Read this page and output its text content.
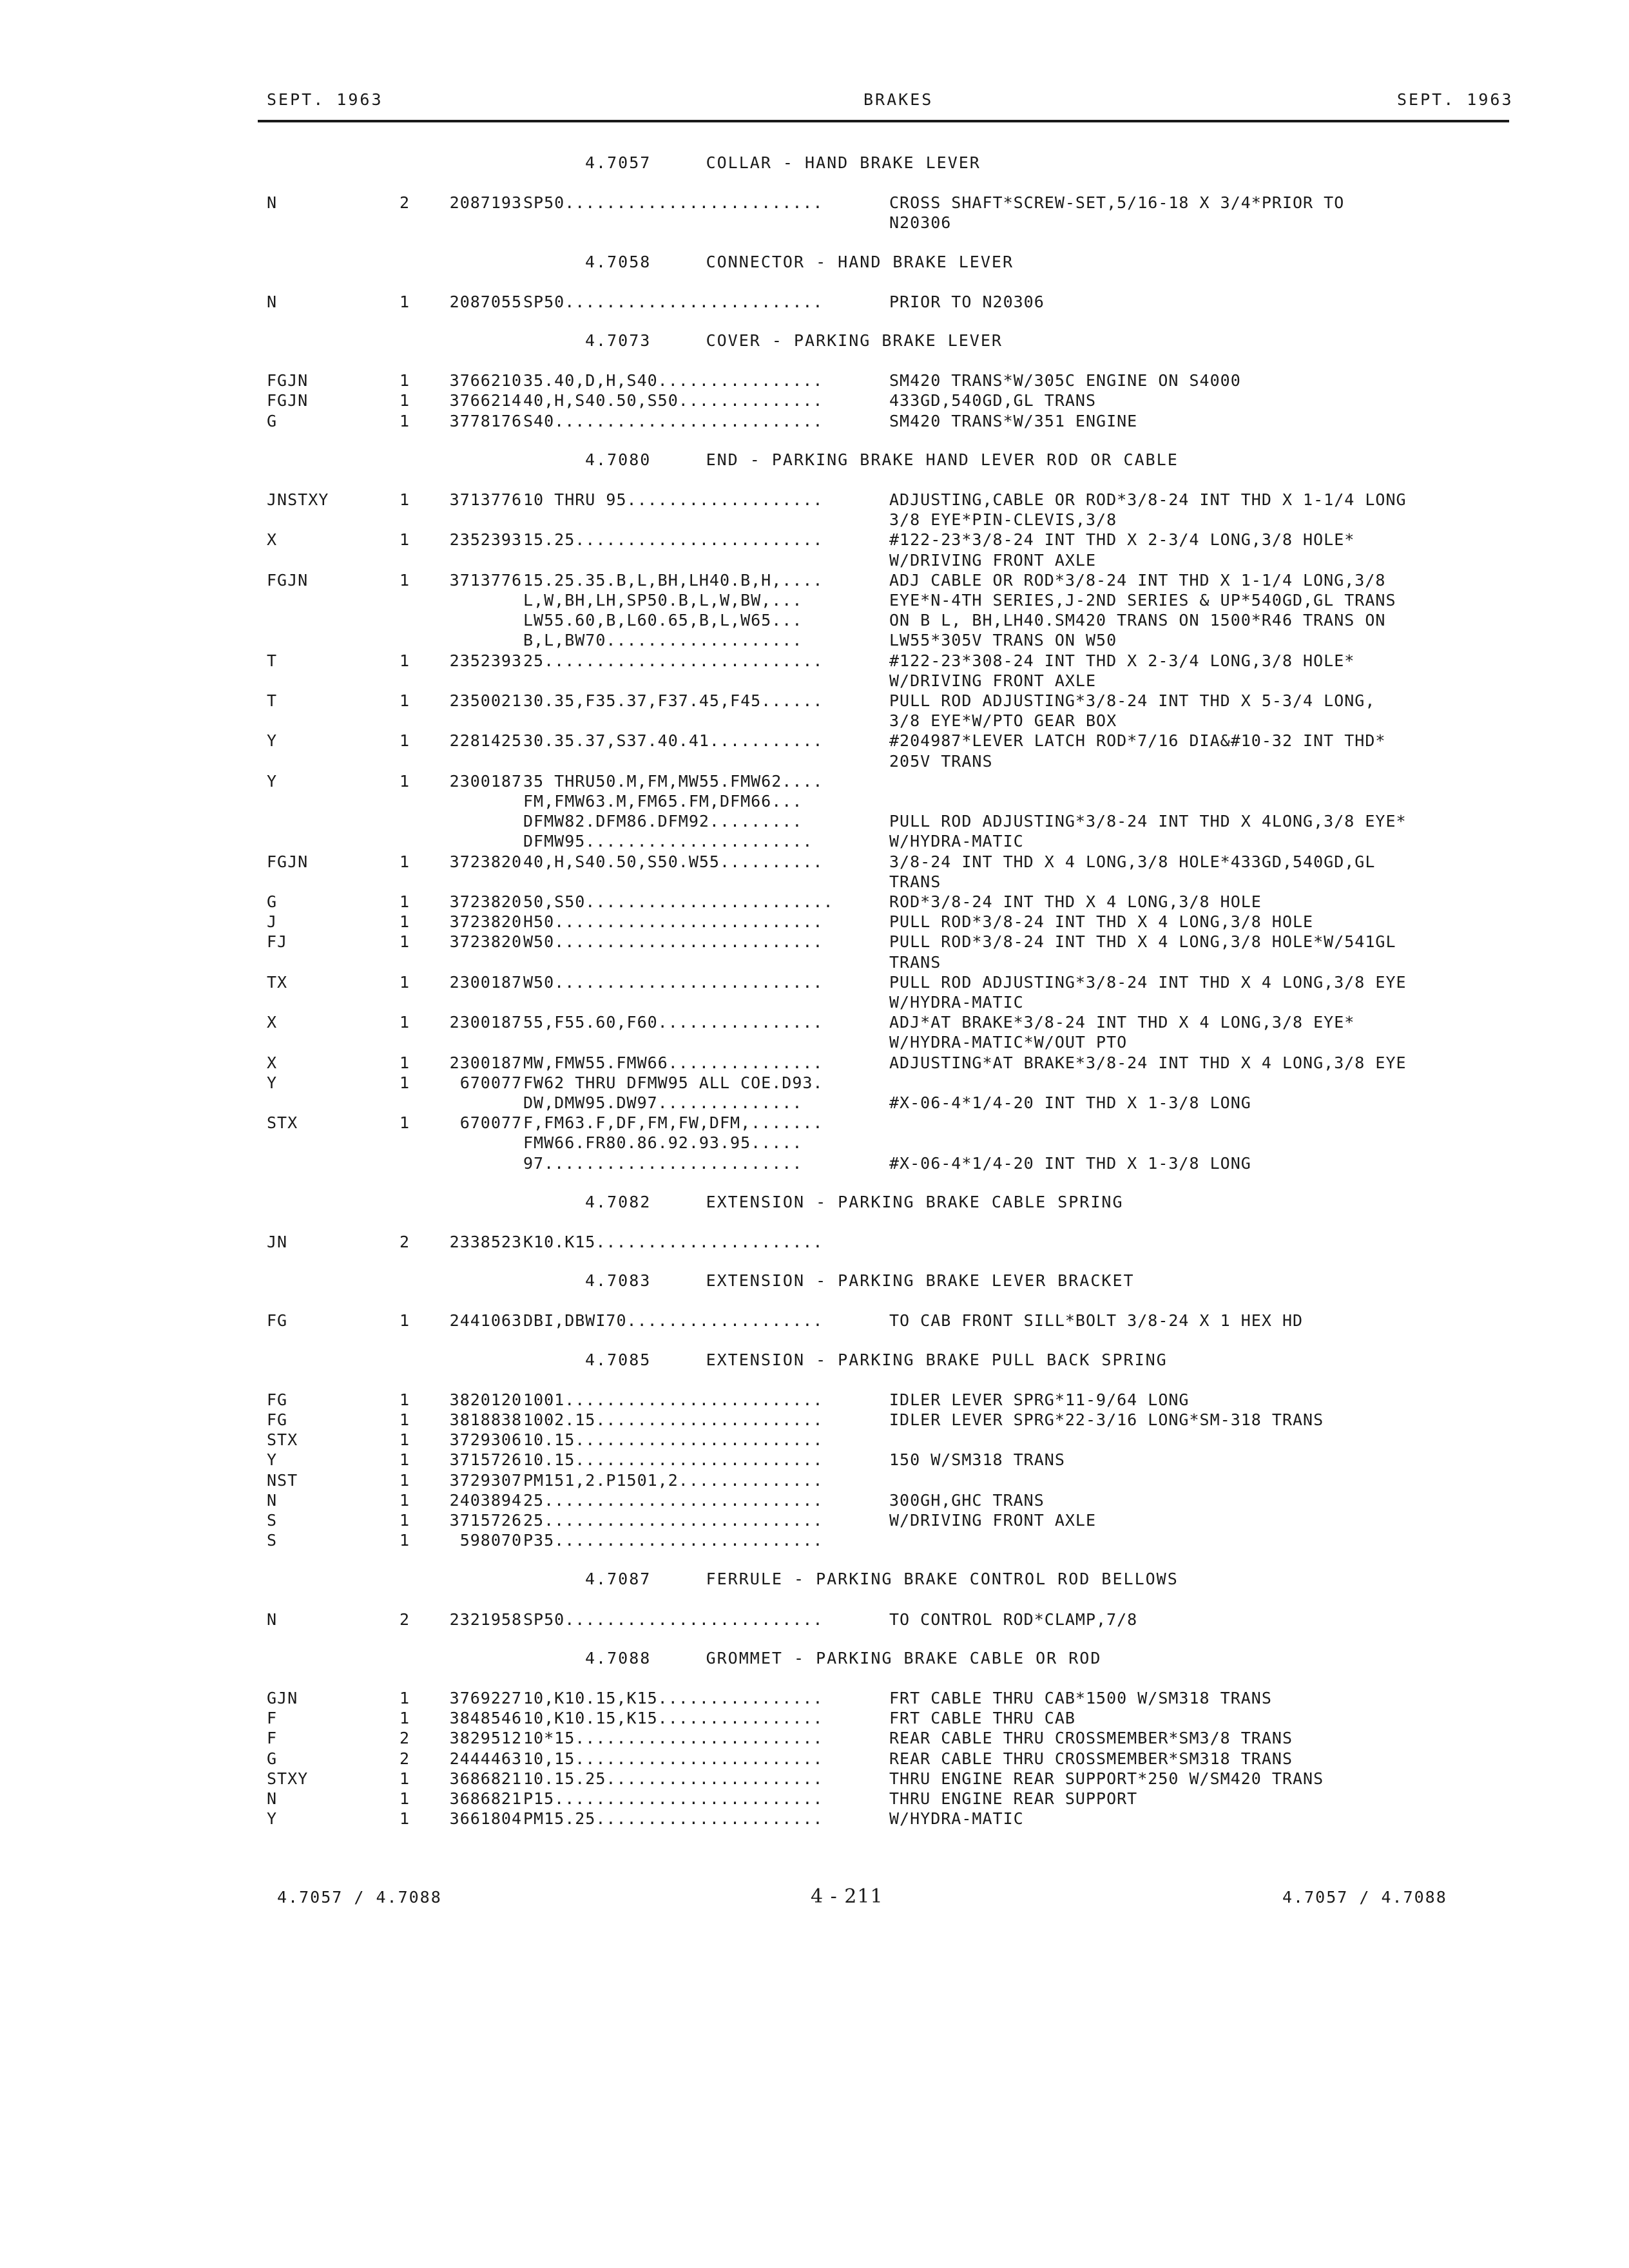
SEPT. 1963	BRAKES	SEPT. 1963
4.7057     COLLAR - HAND BRAKE LEVER
N	2	2087193 SP50.........................	CROSS SHAFT*SCREW-SET,5/16-18 X 3/4*PRIOR TO
N20306
4.7058     CONNECTOR - HAND BRAKE LEVER
N	1	2087055 SP50.........................	PRIOR TO N20306
4.7073     COVER - PARKING BRAKE LEVER
FGJN	1	3766210 35.40,D,H,S40................	SM420 TRANS*W/305C ENGINE ON S4000
FGJN	1	3766214 40,H,S40.50,S50..............	433GD,540GD,GL TRANS
G	1	3778176 S40..........................	SM420 TRANS*W/351 ENGINE
4.7080     END - PARKING BRAKE HAND LEVER ROD OR CABLE
JNSTXY	1	3713776 10 THRU 95...................	ADJUSTING,CABLE OR ROD*3/8-24 INT THD X 1-1/4 LONG
3/8 EYE*PIN-CLEVIS,3/8
X	1	2352393 15.25........................	#122-23*3/8-24 INT THD X 2-3/4 LONG,3/8 HOLE*
W/DRIVING FRONT AXLE
FGJN	1	3713776 15.25.35.B,L,BH,LH40.B,H,....	ADJ CABLE OR ROD*3/8-24 INT THD X 1-1/4 LONG,3/8
L,W,BH,LH,SP50.B,L,W,BW,...	EYE*N-4TH SERIES,J-2ND SERIES & UP*540GD,GL TRANS
LW55.60,B,L60.65,B,L,W65...	ON B L, BH,LH40.SM420 TRANS ON 1500*R46 TRANS ON
B,L,BW70...................	LW55*305V TRANS ON W50
T	1	2352393 25...........................	#122-23*308-24 INT THD X 2-3/4 LONG,3/8 HOLE*
W/DRIVING FRONT AXLE
T	1	2350021 30.35,F35.37,F37.45,F45......	PULL ROD ADJUSTING*3/8-24 INT THD X 5-3/4 LONG,
3/8 EYE*W/PTO GEAR BOX
Y	1	2281425 30.35.37,S37.40.41...........	#204987*LEVER LATCH ROD*7/16 DIA&#10-32 INT THD*
205V TRANS
Y	1	2300187 35 THRU50.M,FM,MW55.FMW62....
FM,FMW63.M,FM65.FM,DFM66...
DFMW82.DFM86.DFM92.........	PULL ROD ADJUSTING*3/8-24 INT THD X 4LONG,3/8 EYE*
DFMW95......................	W/HYDRA-MATIC
FGJN	1	3723820 40,H,S40.50,S50.W55..........	3/8-24 INT THD X 4 LONG,3/8 HOLE*433GD,540GD,GL
TRANS
G	1	3723820 50,S50........................	ROD*3/8-24 INT THD X 4 LONG,3/8 HOLE
J	1	3723820 H50..........................	PULL ROD*3/8-24 INT THD X 4 LONG,3/8 HOLE
FJ	1	3723820 W50..........................	PULL ROD*3/8-24 INT THD X 4 LONG,3/8 HOLE*W/541GL
TRANS
TX	1	2300187 W50..........................	PULL ROD ADJUSTING*3/8-24 INT THD X 4 LONG,3/8 EYE
W/HYDRA-MATIC
X	1	2300187 55,F55.60,F60................	ADJ*AT BRAKE*3/8-24 INT THD X 4 LONG,3/8 EYE*
W/HYDRA-MATIC*W/OUT PTO
X	1	2300187 MW,FMW55.FMW66...............	ADJUSTING*AT BRAKE*3/8-24 INT THD X 4 LONG,3/8 EYE
Y	1	670077 FW62 THRU DFMW95 ALL COE.D93.
DW,DMW95.DW97..............	#X-06-4*1/4-20 INT THD X 1-3/8 LONG
STX	1	670077 F,FM63.F,DF,FM,FW,DFM,.......
FMW66.FR80.86.92.93.95.....
97.........................	#X-06-4*1/4-20 INT THD X 1-3/8 LONG
4.7082     EXTENSION - PARKING BRAKE CABLE SPRING
JN	2	2338523 K10.K15......................
4.7083     EXTENSION - PARKING BRAKE LEVER BRACKET
FG	1	2441063 DBI,DBWI70...................	TO CAB FRONT SILL*BOLT 3/8-24 X 1 HEX HD
4.7085     EXTENSION - PARKING BRAKE PULL BACK SPRING
FG	1	3820120 1001.........................	IDLER LEVER SPRG*11-9/64 LONG
FG	1	3818838 1002.15......................	IDLER LEVER SPRG*22-3/16 LONG*SM-318 TRANS
STX	1	3729306 10.15........................
Y	1	3715726 10.15........................	150 W/SM318 TRANS
NST	1	3729307 PM151,2.P1501,2..............
N	1	2403894 25...........................	300GH,GHC TRANS
S	1	3715726 25...........................	W/DRIVING FRONT AXLE
S	1	598070 P35..........................
4.7087     FERRULE - PARKING BRAKE CONTROL ROD BELLOWS
N	2	2321958 SP50.........................	TO CONTROL ROD*CLAMP,7/8
4.7088     GROMMET - PARKING BRAKE CABLE OR ROD
GJN	1	3769227 10,K10.15,K15................	FRT CABLE THRU CAB*1500 W/SM318 TRANS
F	1	3848546 10,K10.15,K15................	FRT CABLE THRU CAB
F	2	3829512 10*15........................	REAR CABLE THRU CROSSMEMBER*SM3/8 TRANS
G	2	2444463 10,15........................	REAR CABLE THRU CROSSMEMBER*SM318 TRANS
STXY	1	3686821 10.15.25.....................	THRU ENGINE REAR SUPPORT*250 W/SM420 TRANS
N	1	3686821 P15..........................	THRU ENGINE REAR SUPPORT
Y	1	3661804 PM15.25......................	W/HYDRA-MATIC
4.7057 / 4.7088	4 - 211	4.7057 / 4.7088
